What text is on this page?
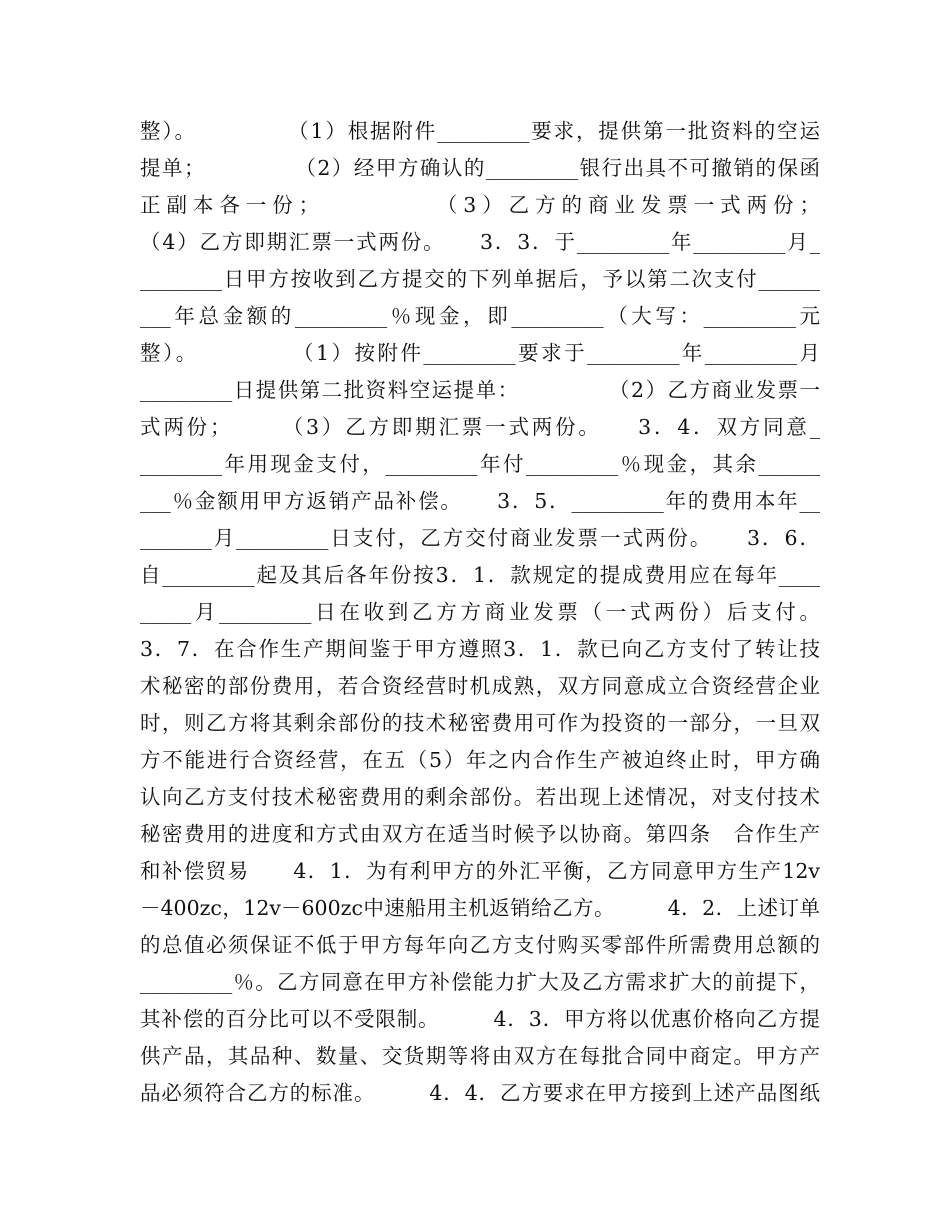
整）。　　　　　（1）根据附件_________要求，提供第一批资料的空运
提单；　　　　　（2）经甲方确认的_________银行出具不可撤销的保函
正副本各一份；　　　　　（3）乙方的商业发票一式两份；
（4）乙方即期汇票一式两份。　　3．3．于_________年_________月_
________日甲方按收到乙方提交的下列单据后，予以第二次支付______
___年总金额的_________％现金，即_________（大写：_________元
整）。　　　　　（1）按附件_________要求于_________年_________月
_________日提供第二批资料空运提单：　　　　　（2）乙方商业发票一
式两份；　　　（3）乙方即期汇票一式两份。　　3．4．双方同意_
________年用现金支付，_________年付_________％现金，其余______
___％金额用甲方返销产品补偿。　　3．5．_________年的费用本年__
_______月_________日支付，乙方交付商业发票一式两份。　　3．6．
自_________起及其后各年份按3．1．款规定的提成费用应在每年____
_____月_________日在收到乙方方商业发票（一式两份）后支付。
3．7．在合作生产期间鉴于甲方遵照3．1．款已向乙方支付了转让技
术秘密的部份费用，若合资经营时机成熟，双方同意成立合资经营企业
时，则乙方将其剩余部份的技术秘密费用可作为投资的一部分，一旦双
方不能进行合资经营，在五（5）年之内合作生产被迫终止时，甲方确
认向乙方支付技术秘密费用的剩余部份。若出现上述情况，对支付技术
秘密费用的进度和方式由双方在适当时候予以协商。第四条　合作生产
和补偿贸易　　4．1．为有利甲方的外汇平衡，乙方同意甲方生产12v
－400zc，12v－600zc中速船用主机返销给乙方。　　　4．2．上述订单
的总值必须保证不低于甲方每年向乙方支付购买零部件所需费用总额的
_________％。乙方同意在甲方补偿能力扩大及乙方需求扩大的前提下，
其补偿的百分比可以不受限制。　　　4．3．甲方将以优惠价格向乙方提
供产品，其品种、数量、交货期等将由双方在每批合同中商定。甲方产
品必须符合乙方的标准。　　　4．4．乙方要求在甲方接到上述产品图纸
